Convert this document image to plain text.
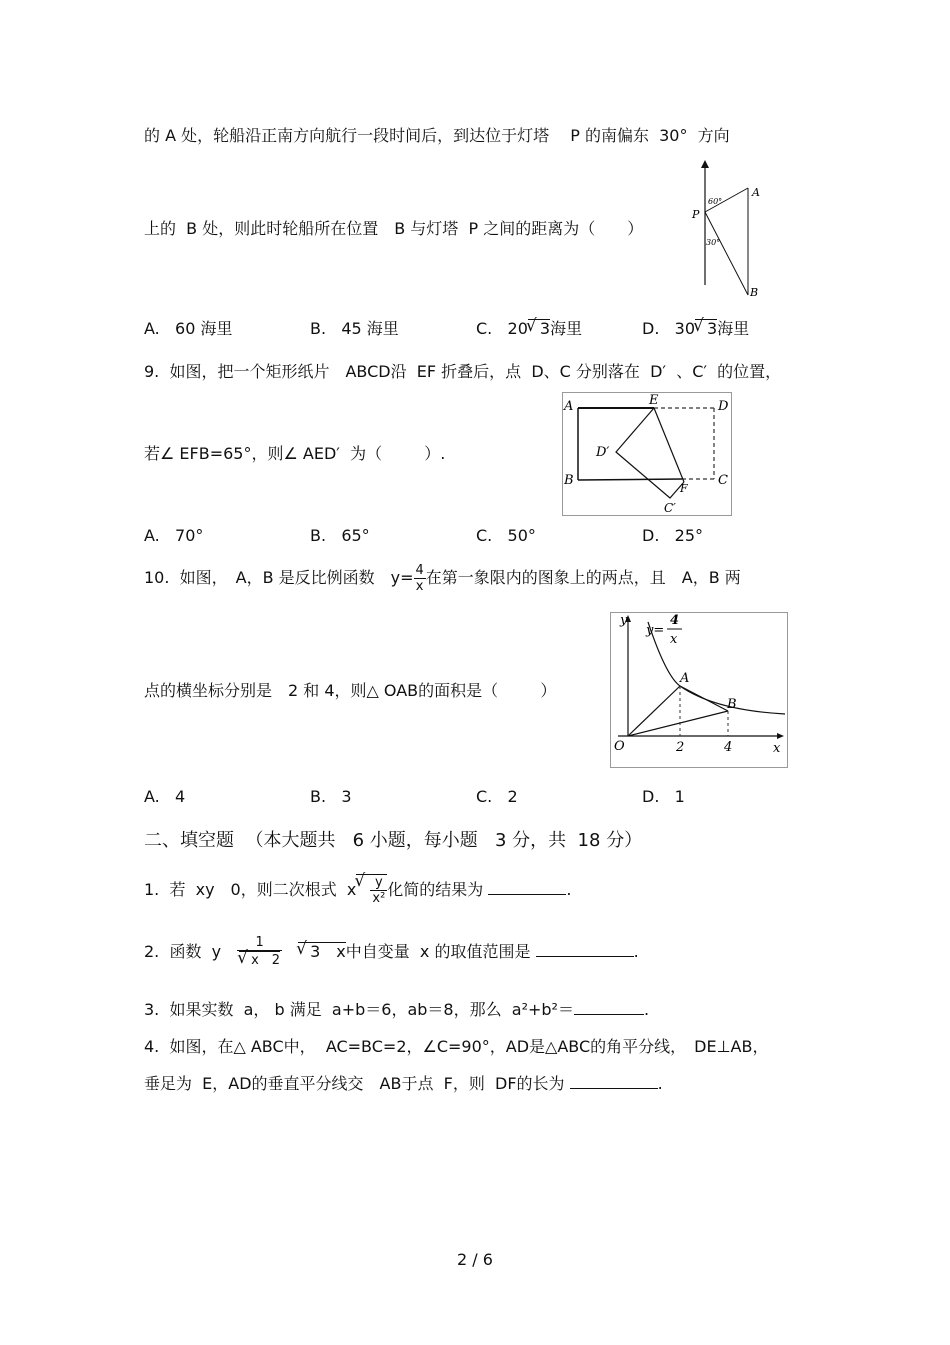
的 A 处，轮船沿正南方向航行一段时间后，到达位于灯塔　 P 的南偏东  30°  方向
P
A
B
60°
30°
上的  B 处，则此时轮船所在位置　B 与灯塔  P 之间的距离为（　　）
A.   60 海里	B.   45 海里	C.   20 √ 3海里	D.   30 √ 3海里
9.  如图，把一个矩形纸片　ABCD沿  EF 折叠后，点  D、C 分别落在  D′  、C′  的位置，
A	E	D
D′
B	C
F
C′
若∠ EFB=65°，则∠ AED′  为（　　  ）.
A.   70°	B.   65°	C.   50°	D.   25°
10.  如图，　A，B 是反比例函数　$y= \frac{4}{x}$ 在第一象限内的图象上的两点，且　A，B 两
y
y=
4
x
A
B
O	2	4	x
点的横坐标分别是　2 和 4，则△ OAB的面积是（　　  ）
A.   4	B.   3	C.   2	D.   1
二、填空题  （本大题共   6 小题，每小题   3 分，共  18 分）
1.  若  xy　0，则二次根式  x √ $\frac{y}{\text{x²}}$ 化简的结果为	.
2.  函数  y　 1
√ x　2
　 √ 3　x中自变量  x 的取值范围是	.
3.  如果实数  a， b 满足  a+b＝6，ab＝8，那么  a²+b²＝	.
4.  如图，在△ ABC中，  AC=BC=2，∠C=90°，AD是△ABC的角平分线，　DE⊥AB，
垂足为  E，AD的垂直平分线交　AB于点  F，则  DF的长为	.
2 / 6
